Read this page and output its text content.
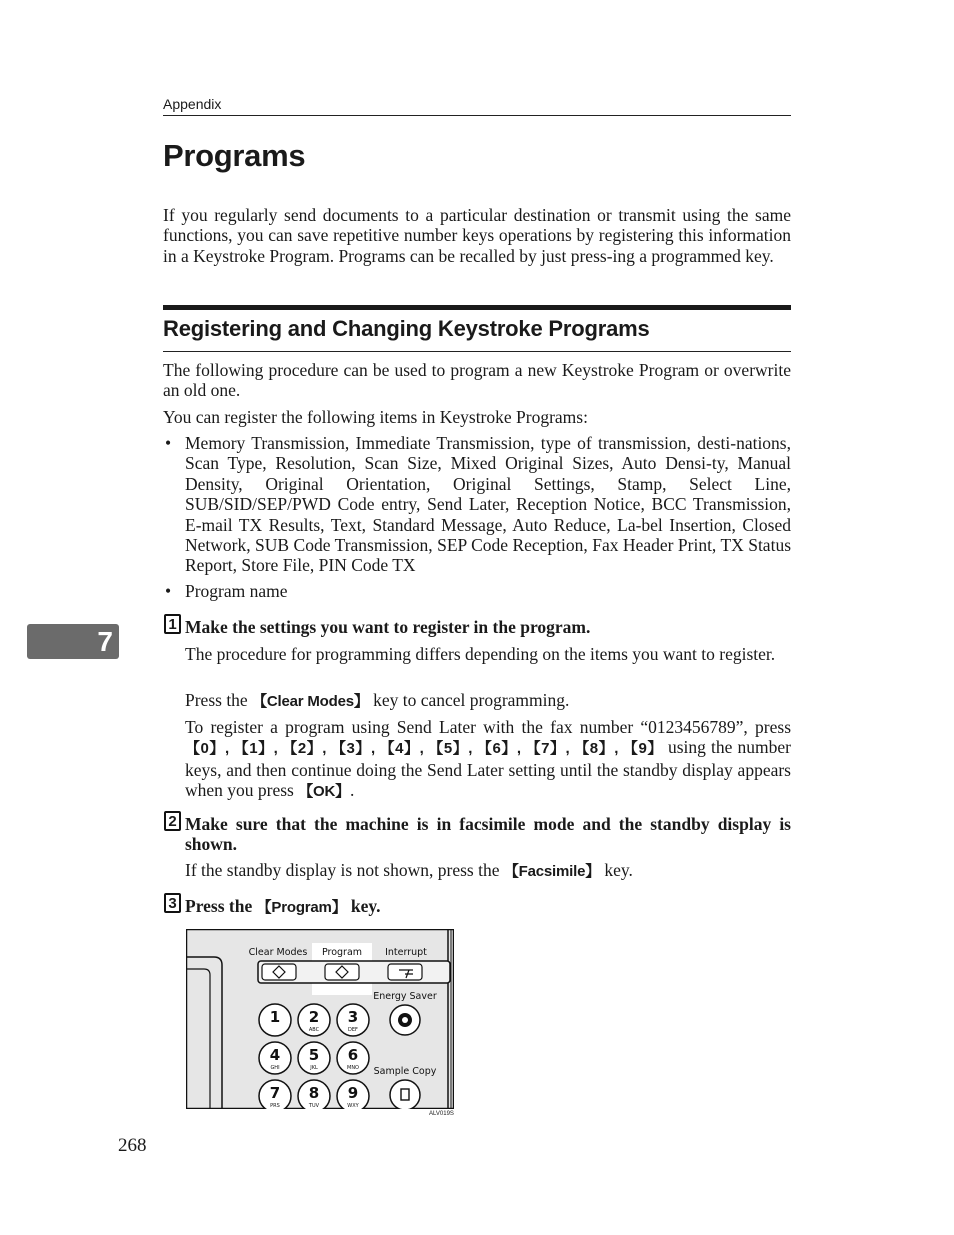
Appendix
Programs
If you regularly send documents to a particular destination or transmit using the same functions, you can save repetitive number keys operations by registering this information in a Keystroke Program. Programs can be recalled by just press-ing a programmed key.
Registering and Changing Keystroke Programs
The following procedure can be used to program a new Keystroke Program or overwrite an old one.
You can register the following items in Keystroke Programs:
• Memory Transmission, Immediate Transmission, type of transmission, desti-nations, Scan Type, Resolution, Scan Size, Mixed Original Sizes, Auto Densi-ty, Manual Density, Original Orientation, Original Settings, Stamp, Select Line, SUB/SID/SEP/PWD Code entry, Send Later, Reception Notice, BCC Transmission, E-mail TX Results, Text, Standard Message, Auto Reduce, La-bel Insertion, Closed Network, SUB Code Transmission, SEP Code Reception, Fax Header Print, TX Status Report, Store File, PIN Code TX
• Program name
7
1 Make the settings you want to register in the program.
The procedure for programming differs depending on the items you want to register.
Press the 【Clear Modes】 key to cancel programming.
To register a program using Send Later with the fax number “0123456789”, press 【0】, 【1】, 【2】, 【3】, 【4】, 【5】, 【6】, 【7】, 【8】, 【9】 using the number keys, and then continue doing the Send Later setting until the standby display appears when you press 【OK】.
2 Make sure that the machine is in facsimile mode and the standby display is shown.
If the standby display is not shown, press the 【Facsimile】 key.
3 Press the 【Program】 key.
Clear Modes Program Interrupt
Energy Saver
Sample Copy
1 2
ABC
3
DEF
4
GHI
5
JKL
6
MNO
7
PRS
8
TUV
9
WXY
ALV019S
268
